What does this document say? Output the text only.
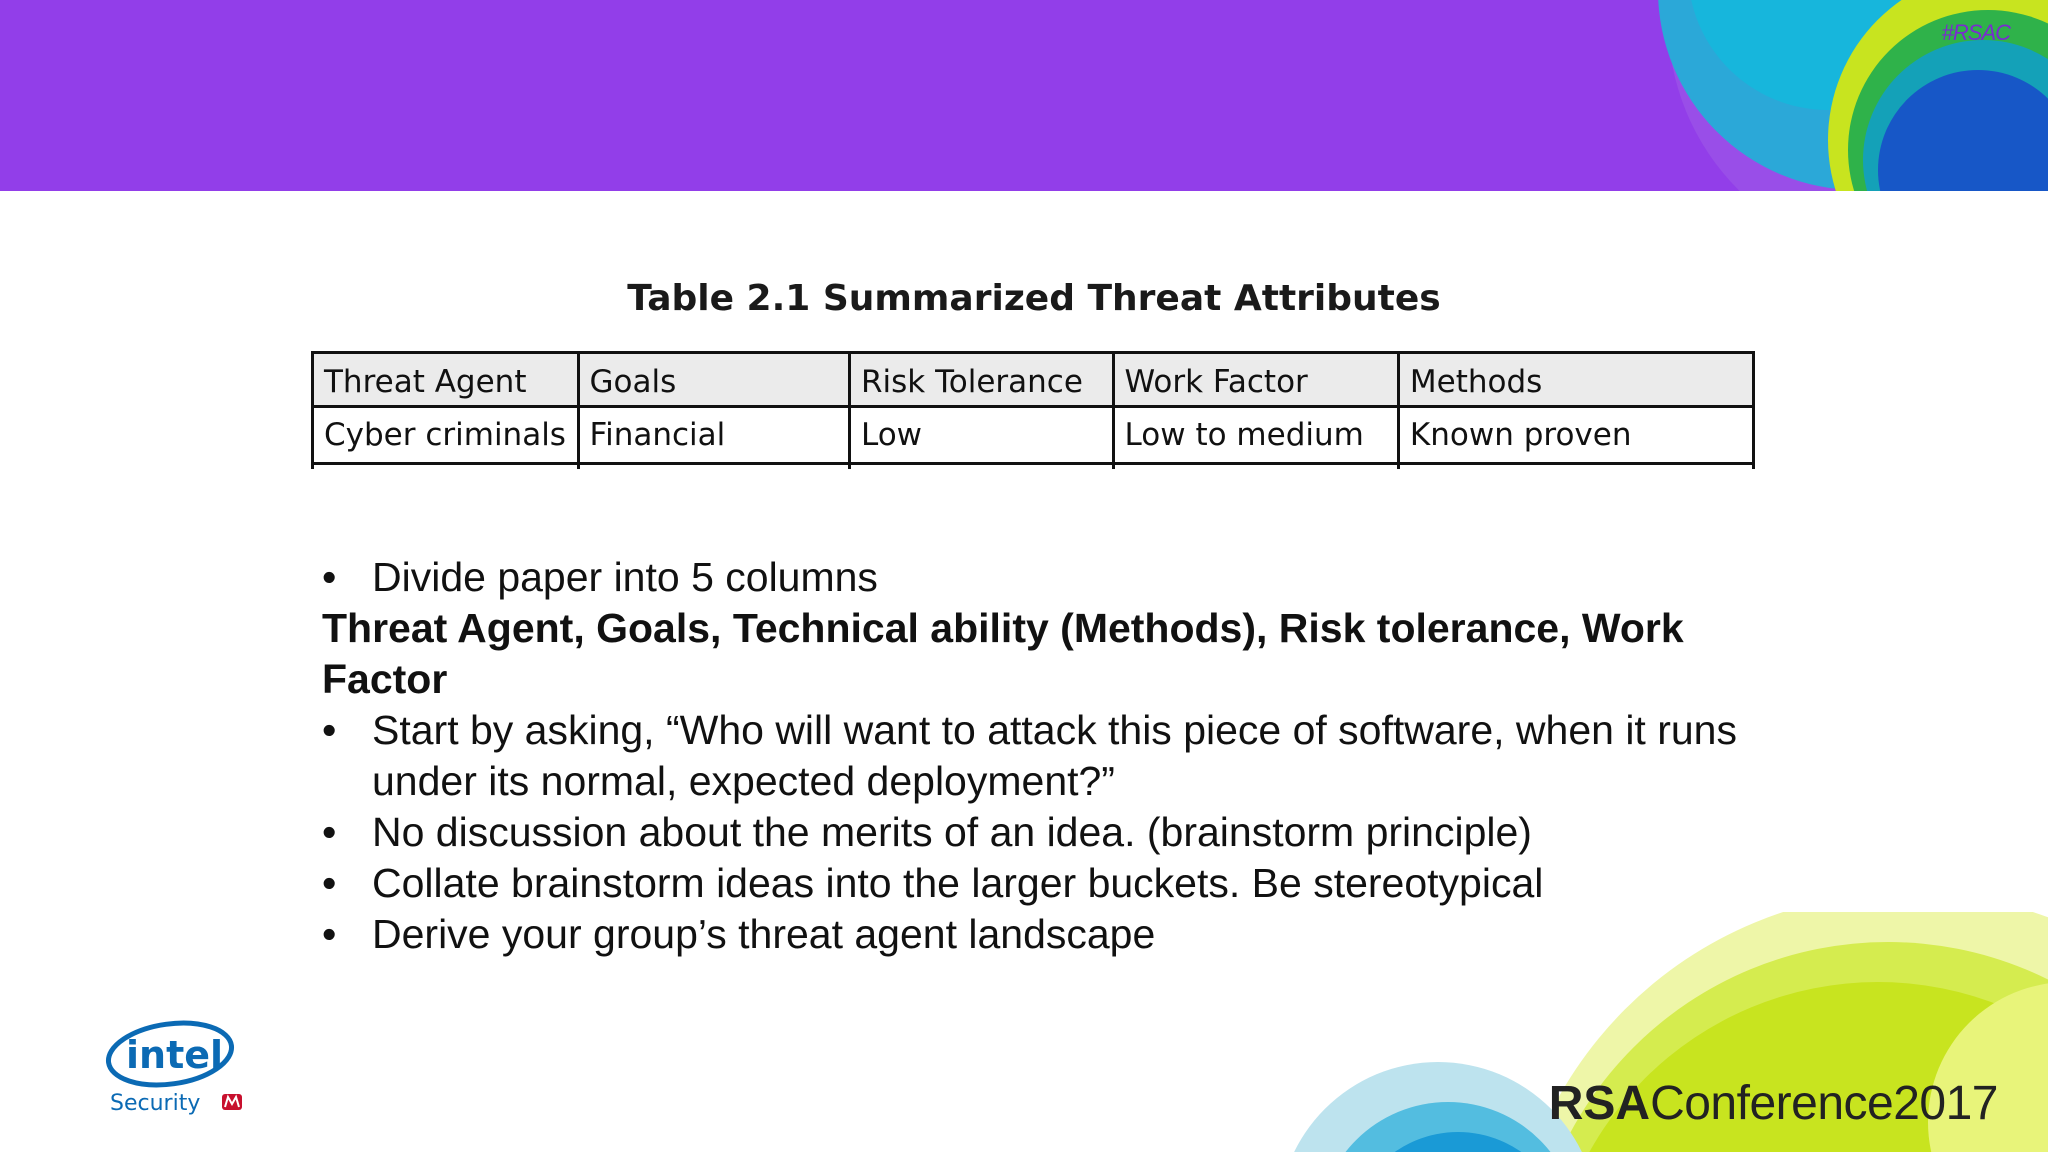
#RSAC
Table 2.1 Summarized Threat Attributes
Threat Agent	Goals	Risk Tolerance	Work Factor	Methods
Cyber criminals	Financial	Low	Low to medium	Known proven

• Divide paper into 5 columns
Threat Agent, Goals, Technical ability (Methods), Risk tolerance, Work Factor
• Start by asking, “Who will want to attack this piece of software, when it runs under its normal, expected deployment?”
• No discussion about the merits of an idea. (brainstorm principle)
• Collate brainstorm ideas into the larger buckets. Be stereotypical
• Derive your group’s threat agent landscape
intel
Security	RSAConference2017
